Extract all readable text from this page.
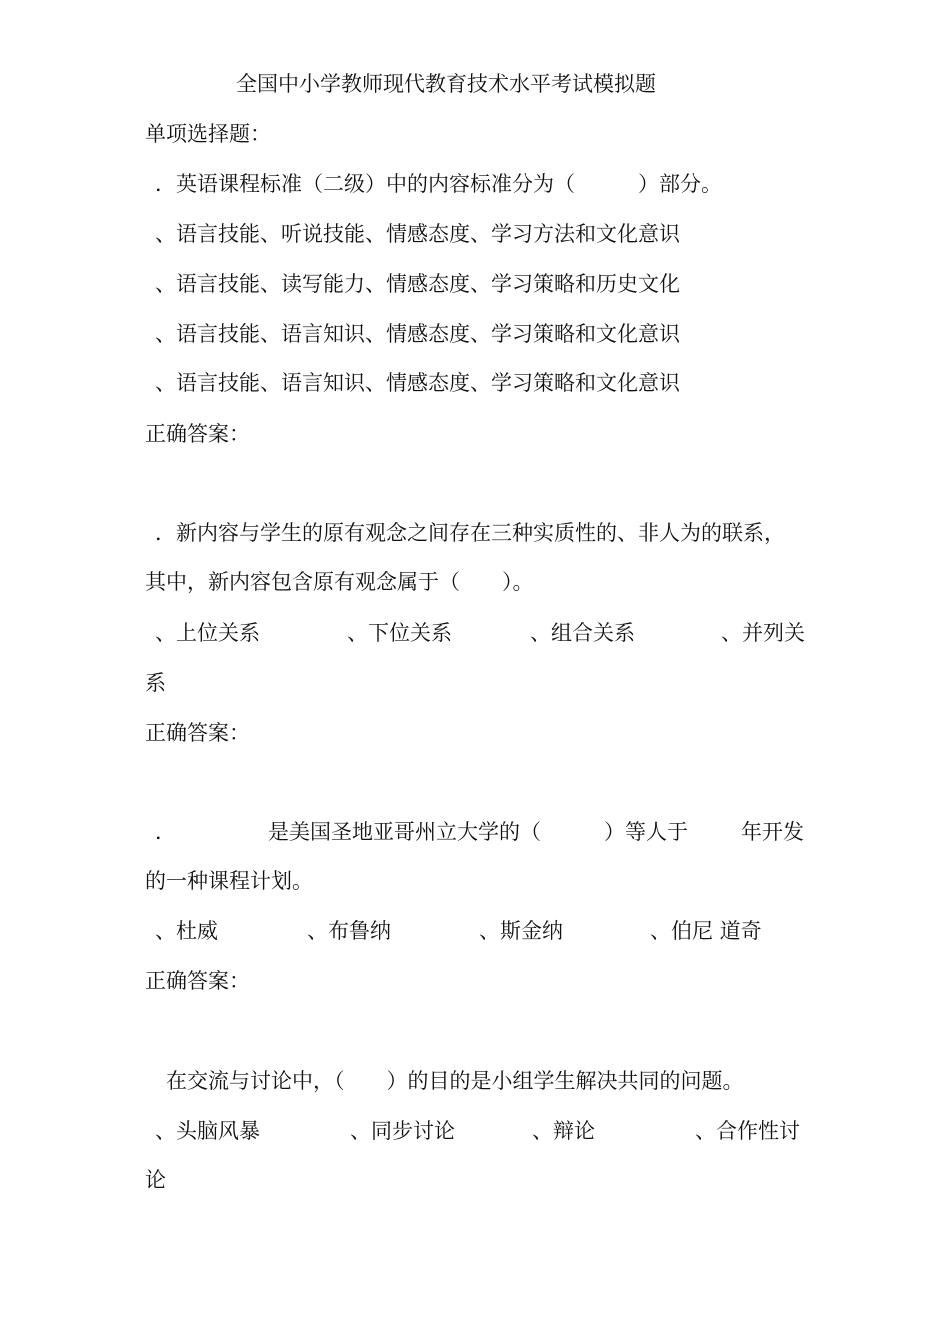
全国中小学教师现代教育技术水平考试模拟题
单项选择题：
．英语课程标准（二级）中的内容标准分为（　　　）部分。
、语言技能、听说技能、情感态度、学习方法和文化意识
、语言技能、读写能力、情感态度、学习策略和历史文化
、语言技能、语言知识、情感态度、学习策略和文化意识
、语言技能、语言知识、情感态度、学习策略和文化意识
正确答案：
．新内容与学生的原有观念之间存在三种实质性的、非人为的联系，
其中，新内容包含原有观念属于（　　）。
、上位关系	、下位关系	、组合关系	、并列关
系
正确答案：
．	是美国圣地亚哥州立大学的（　　　）等人于	年开发
的一种课程计划。
、杜威	、布鲁纳	、斯金纳	、伯尼 道奇
正确答案：
在交流与讨论中，（　　）的目的是小组学生解决共同的问题。
、头脑风暴	、同步讨论	、辩论	、合作性讨
论
